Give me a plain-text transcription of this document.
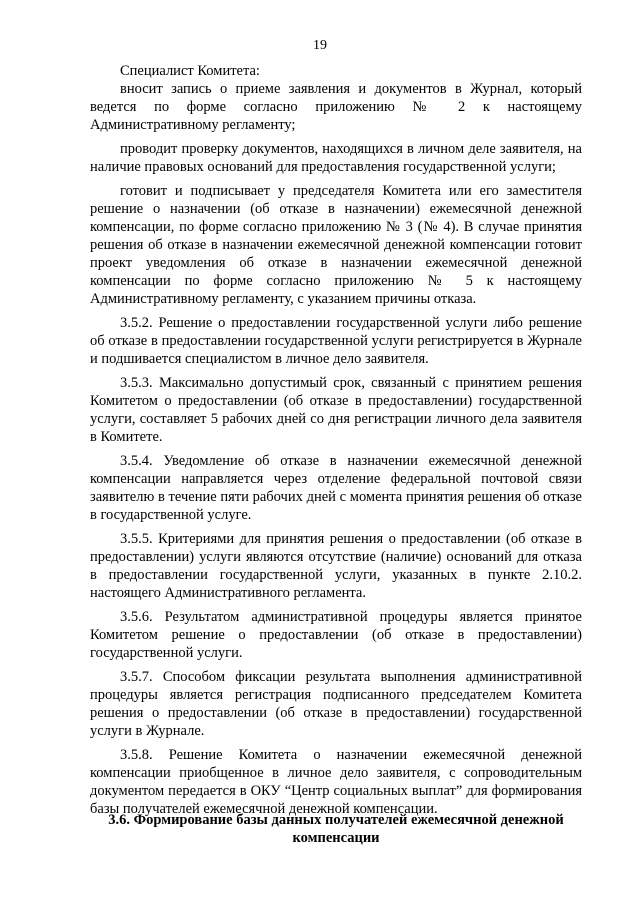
19

Специалист Комитета:

вносит запись о приеме заявления и документов в Журнал, который ведется по форме согласно приложению № 2 к настоящему Административному регламенту;

проводит проверку документов, находящихся в личном деле заявителя, на наличие правовых оснований для предоставления государственной услуги;

готовит и подписывает у председателя Комитета или его заместителя решение о назначении (об отказе в назначении) ежемесячной денежной компенсации, по форме согласно приложению № 3 (№ 4). В случае принятия решения об отказе в назначении ежемесячной денежной компенсации готовит проект уведомления об отказе в назначении ежемесячной денежной компенсации по форме согласно приложению № 5 к настоящему Административному регламенту, с указанием причины отказа.

3.5.2. Решение о предоставлении государственной услуги либо решение об отказе в предоставлении государственной услуги регистрируется в Журнале и подшивается специалистом в личное дело заявителя.

3.5.3. Максимально допустимый срок, связанный с принятием решения Комитетом о предоставлении (об отказе в предоставлении) государственной услуги, составляет 5 рабочих дней со дня регистрации личного дела заявителя в Комитете.

3.5.4. Уведомление об отказе в назначении ежемесячной денежной компенсации направляется через отделение федеральной почтовой связи заявителю в течение пяти рабочих дней с момента принятия решения об отказе в государственной услуге.

3.5.5. Критериями для принятия решения о предоставлении (об отказе в предоставлении) услуги являются отсутствие (наличие) оснований для отказа в предоставлении государственной услуги, указанных в пункте 2.10.2. настоящего Административного регламента.

3.5.6. Результатом административной процедуры является принятое Комитетом решение о предоставлении (об отказе в предоставлении) государственной услуги.

3.5.7. Способом фиксации результата выполнения административной процедуры является регистрация подписанного председателем Комитета решения о предоставлении (об отказе в предоставлении) государственной услуги в Журнале.

3.5.8. Решение Комитета о назначении ежемесячной денежной компенсации приобщенное в личное дело заявителя, с сопроводительным документом передается в ОКУ “Центр социальных выплат” для формирования базы получателей ежемесячной денежной компенсации.

3.6. Формирование базы данных получателей ежемесячной денежной компенсации
